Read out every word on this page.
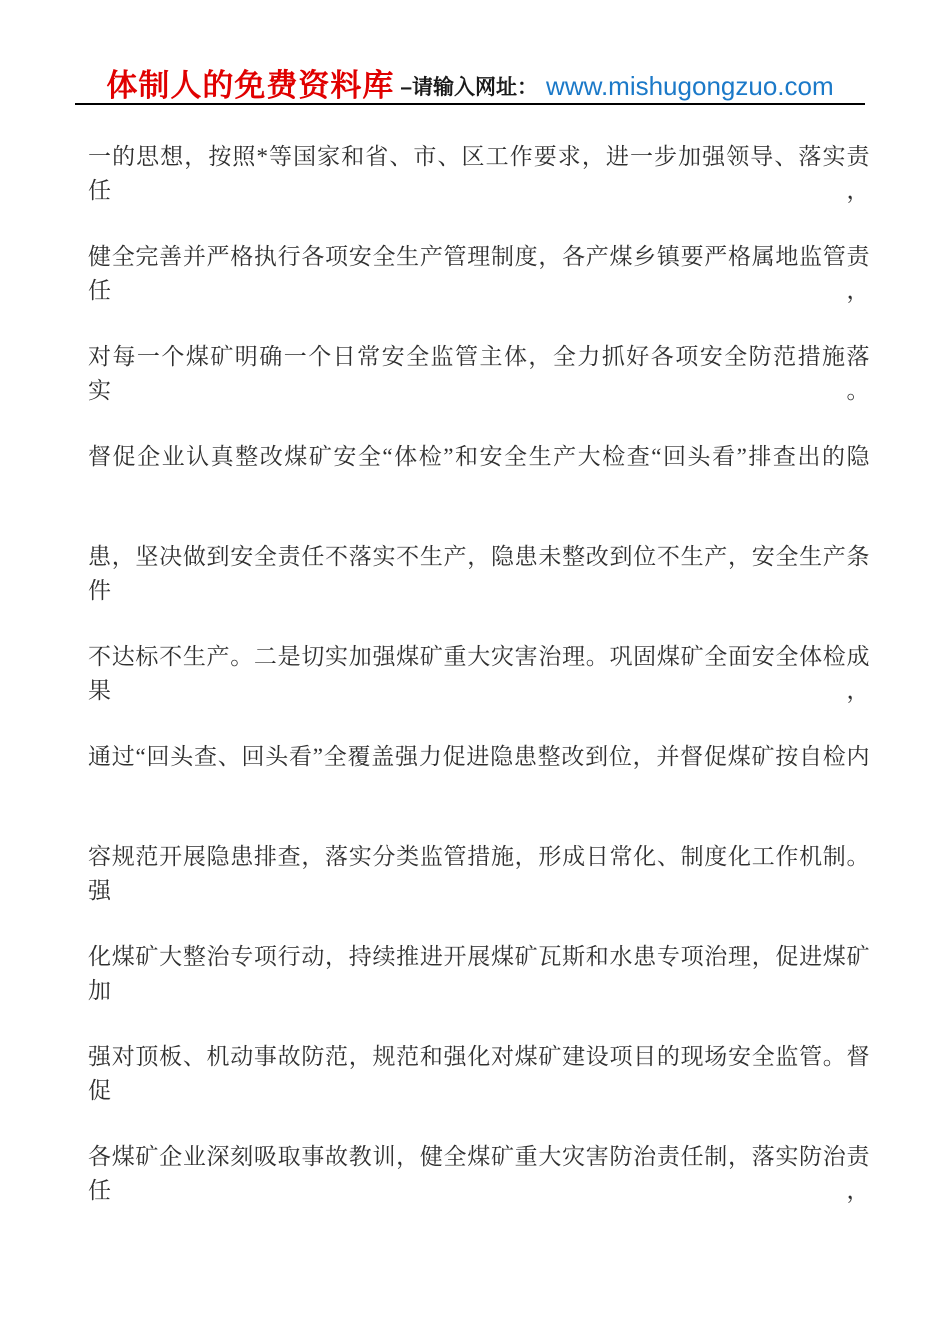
体制人的免费资料库 –请输入网址： www.mishugongzuo.com
一的思想，按照*等国家和省、市、区工作要求，进一步加强领导、落实责任，
健全完善并严格执行各项安全生产管理制度，各产煤乡镇要严格属地监管责任，
对每一个煤矿明确一个日常安全监管主体，全力抓好各项安全防范措施落实。
督促企业认真整改煤矿安全“体检”和安全生产大检查“回头看”排查出的隐
患，坚决做到安全责任不落实不生产，隐患未整改到位不生产，安全生产条件
不达标不生产。二是切实加强煤矿重大灾害治理。巩固煤矿全面安全体检成果，
通过“回头查、回头看”全覆盖强力促进隐患整改到位，并督促煤矿按自检内
容规范开展隐患排查，落实分类监管措施，形成日常化、制度化工作机制。强
化煤矿大整治专项行动，持续推进开展煤矿瓦斯和水患专项治理，促进煤矿加
强对顶板、机动事故防范，规范和强化对煤矿建设项目的现场安全监管。督促
各煤矿企业深刻吸取事故教训，健全煤矿重大灾害防治责任制，落实防治责任，
